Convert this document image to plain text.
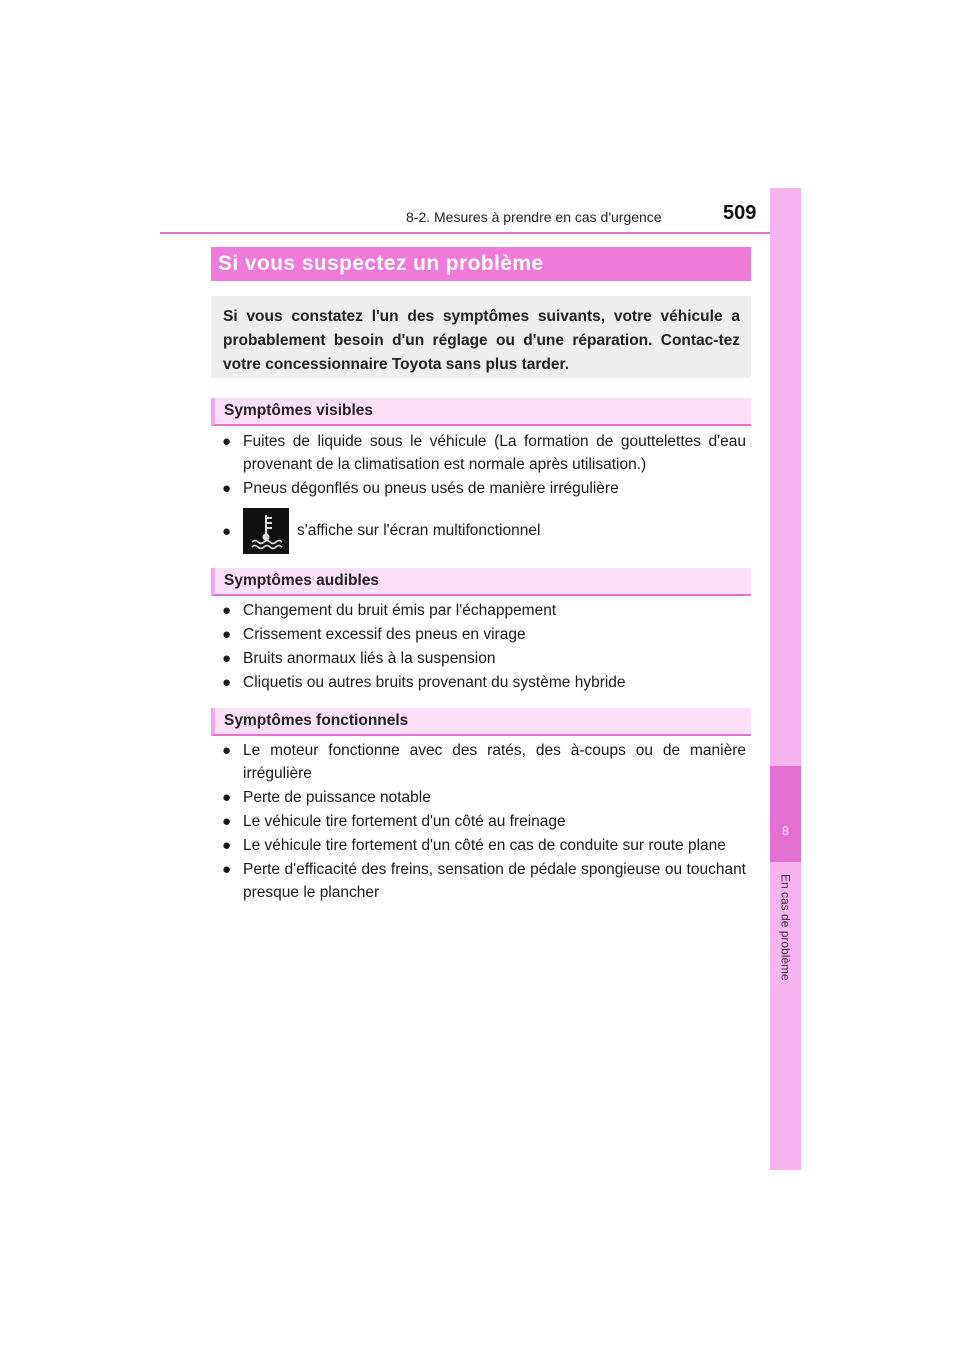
8-2. Mesures à prendre en cas d'urgence	509
8
En cas de problème
Si vous suspectez un problème
Si vous constatez l'un des symptômes suivants, votre véhicule a probablement besoin d'un réglage ou d'une réparation. Contac-tez votre concessionnaire Toyota sans plus tarder.
Symptômes visibles
● Fuites de liquide sous le véhicule (La formation de gouttelettes d'eau provenant de la climatisation est normale après utilisation.)
● Pneus dégonflés ou pneus usés de manière irrégulière
●	s'affiche sur l'écran multifonctionnel
Symptômes audibles
● Changement du bruit émis par l'échappement
● Crissement excessif des pneus en virage
● Bruits anormaux liés à la suspension
● Cliquetis ou autres bruits provenant du système hybride
Symptômes fonctionnels
● Le moteur fonctionne avec des ratés, des à-coups ou de manière irrégulière
● Perte de puissance notable
● Le véhicule tire fortement d'un côté au freinage
● Le véhicule tire fortement d'un côté en cas de conduite sur route plane
● Perte d'efficacité des freins, sensation de pédale spongieuse ou touchant presque le plancher
